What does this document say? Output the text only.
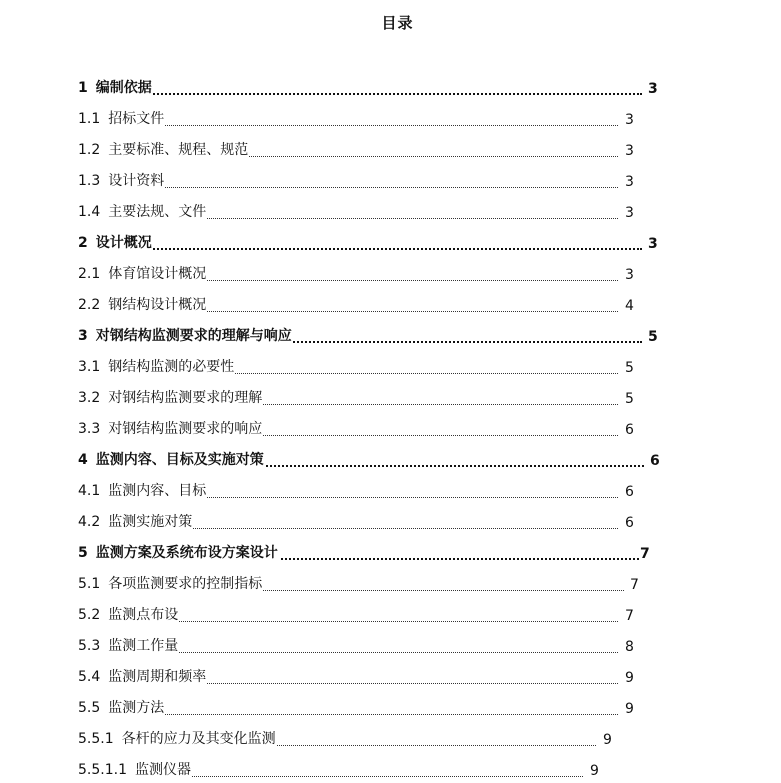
目录
1 编制依据	3
1.1 招标文件	3
1.2 主要标准、规程、规范	3
1.3 设计资料	3
1.4 主要法规、文件	3
2 设计概况	3
2.1 体育馆设计概况	3
2.2 钢结构设计概况	4
3 对钢结构监测要求的理解与响应	5
3.1 钢结构监测的必要性	5
3.2 对钢结构监测要求的理解	5
3.3 对钢结构监测要求的响应	6
4 监测内容、目标及实施对策	6
4.1 监测内容、目标	6
4.2 监测实施对策	6
5 监测方案及系统布设方案设计	7
5.1 各项监测要求的控制指标	7
5.2 监测点布设	7
5.3 监测工作量	8
5.4 监测周期和频率	9
5.5 监测方法	9
5.5.1 各杆的应力及其变化监测	9
5.5.1.1 监测仪器	9
